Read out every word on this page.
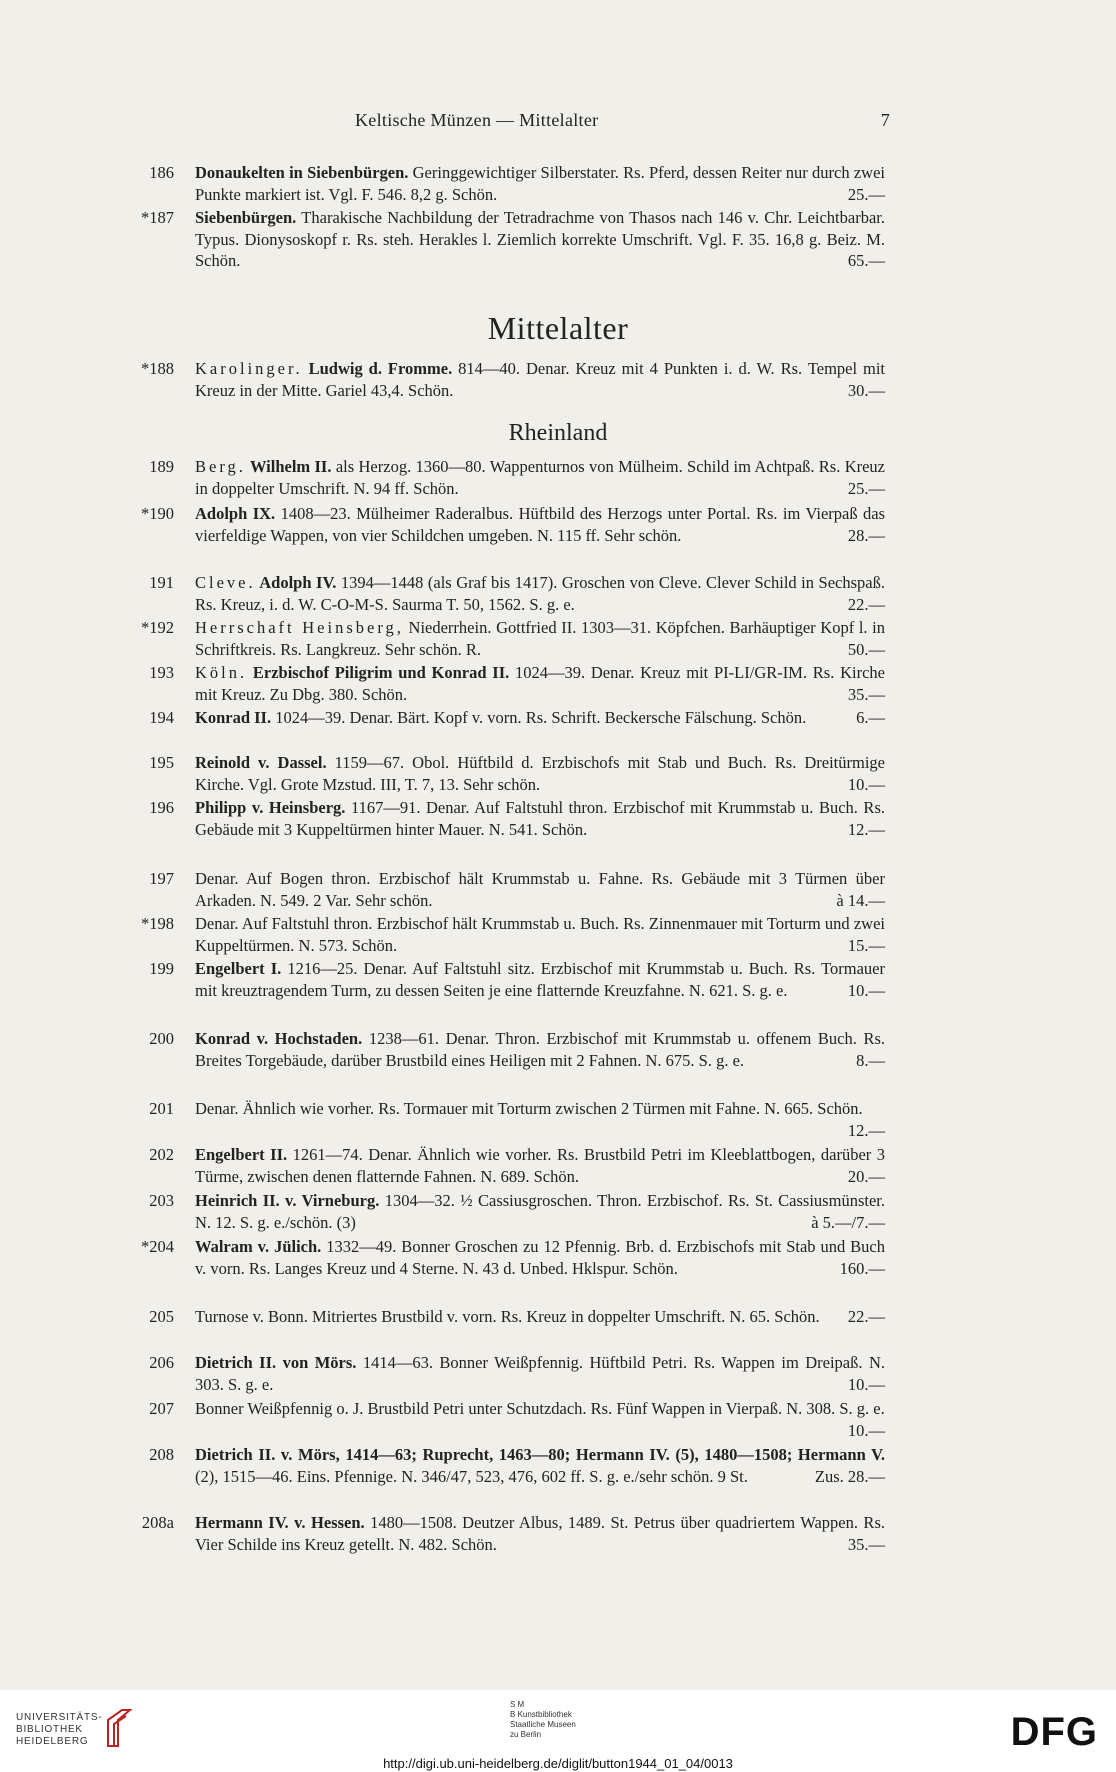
Keltische Münzen — Mittelalter	7
186 Donaukelten in Siebenbürgen. Geringgewichtiger Silberstater. Rs. Pferd, dessen Reiter nur durch zwei Punkte markiert ist. Vgl. F. 546. 8,2 g. Schön.	25.—
*187 Siebenbürgen. Tharakische Nachbildung der Tetradrachme von Thasos nach 146 v. Chr. Leichtbarbar. Typus. Dionysoskopf r. Rs. steh. Herakles l. Ziemlich korrekte Umschrift. Vgl. F. 35. 16,8 g. Beiz. M. Schön.	65.—
Mittelalter
*188 Karolinger. Ludwig d. Fromme. 814—40. Denar. Kreuz mit 4 Punkten i. d. W. Rs. Tempel mit Kreuz in der Mitte. Gariel 43,4. Schön.	30.—
Rheinland
189 Berg. Wilhelm II. als Herzog. 1360—80. Wappenturnos von Mülheim. Schild im Achtpaß. Rs. Kreuz in doppelter Umschrift. N. 94 ff. Schön.	25.—
*190 Adolph IX. 1408—23. Mülheimer Raderalbus. Hüftbild des Herzogs unter Portal. Rs. im Vierpaß das vierfeldige Wappen, von vier Schildchen umgeben. N. 115 ff. Sehr schön.	28.—
191 Cleve. Adolph IV. 1394—1448 (als Graf bis 1417). Groschen von Cleve. Clever Schild in Sechspaß. Rs. Kreuz, i. d. W. C-O-M-S. Saurma T. 50, 1562. S. g. e.	22.—
*192 Herrschaft Heinsberg, Niederrhein. Gottfried II. 1303—31. Köpfchen. Barhäuptiger Kopf l. in Schriftkreis. Rs. Langkreuz. Sehr schön. R.	50.—
193 Köln. Erzbischof Piligrim und Konrad II. 1024—39. Denar. Kreuz mit PI-LI/GR-IM. Rs. Kirche mit Kreuz. Zu Dbg. 380. Schön.	35.—
194 Konrad II. 1024—39. Denar. Bärt. Kopf v. vorn. Rs. Schrift. Beckersche Fälschung. Schön.	6.—
195 Reinold v. Dassel. 1159—67. Obol. Hüftbild d. Erzbischofs mit Stab und Buch. Rs. Dreitürmige Kirche. Vgl. Grote Mzstud. III, T. 7, 13. Sehr schön.	10.—
196 Philipp v. Heinsberg. 1167—91. Denar. Auf Faltstuhl thron. Erzbischof mit Krummstab u. Buch. Rs. Gebäude mit 3 Kuppeltürmen hinter Mauer. N. 541. Schön.	12.—
197 Denar. Auf Bogen thron. Erzbischof hält Krummstab u. Fahne. Rs. Gebäude mit 3 Türmen über Arkaden. N. 549. 2 Var. Sehr schön.	à 14.—
*198 Denar. Auf Faltstuhl thron. Erzbischof hält Krummstab u. Buch. Rs. Zinnenmauer mit Torturm und zwei Kuppeltürmen. N. 573. Schön.	15.—
199 Engelbert I. 1216—25. Denar. Auf Faltstuhl sitz. Erzbischof mit Krummstab u. Buch. Rs. Tormauer mit kreuztragendem Turm, zu dessen Seiten je eine flatternde Kreuzfahne. N. 621. S. g. e.	10.—
200 Konrad v. Hochstaden. 1238—61. Denar. Thron. Erzbischof mit Krummstab u. offenem Buch. Rs. Breites Torgebäude, darüber Brustbild eines Heiligen mit 2 Fahnen. N. 675. S. g. e.	8.—
201 Denar. Ähnlich wie vorher. Rs. Tormauer mit Torturm zwischen 2 Türmen mit Fahne. N. 665. Schön.
12.—
202 Engelbert II. 1261—74. Denar. Ähnlich wie vorher. Rs. Brustbild Petri im Kleeblattbogen, darüber 3 Türme, zwischen denen flatternde Fahnen. N. 689. Schön.	20.—
203 Heinrich II. v. Virneburg. 1304—32. ½ Cassiusgroschen. Thron. Erzbischof. Rs. St. Cassiusmünster. N. 12. S. g. e./schön. (3)	à 5.—/7.—
*204 Walram v. Jülich. 1332—49. Bonner Groschen zu 12 Pfennig. Brb. d. Erzbischofs mit Stab und Buch v. vorn. Rs. Langes Kreuz und 4 Sterne. N. 43 d. Unbed. Hklspur. Schön.	160.—
205 Turnose v. Bonn. Mitriertes Brustbild v. vorn. Rs. Kreuz in doppelter Umschrift. N. 65. Schön. 22.—
206 Dietrich II. von Mörs. 1414—63. Bonner Weißpfennig. Hüftbild Petri. Rs. Wappen im Dreipaß. N. 303. S. g. e.	10.—
207 Bonner Weißpfennig o. J. Brustbild Petri unter Schutzdach. Rs. Fünf Wappen in Vierpaß. N. 308. S. g. e.
10.—
208 Dietrich II. v. Mörs, 1414—63; Ruprecht, 1463—80; Hermann IV. (5), 1480—1508; Hermann V. (2), 1515—46. Eins. Pfennige. N. 346/47, 523, 476, 602 ff. S. g. e./sehr schön. 9 St.	Zus. 28.—
208a Hermann IV. v. Hessen. 1480—1508. Deutzer Albus, 1489. St. Petrus über quadriertem Wappen. Rs. Vier Schilde ins Kreuz getellt. N. 482. Schön.	35.—
UNIVERSITÄTS-
BIBLIOTHEK
HEIDELBERG
S M
B Kunstbibliothek
Staatliche Museen
zu Berlin	DFG
http://digi.ub.uni-heidelberg.de/diglit/button1944_01_04/0013
